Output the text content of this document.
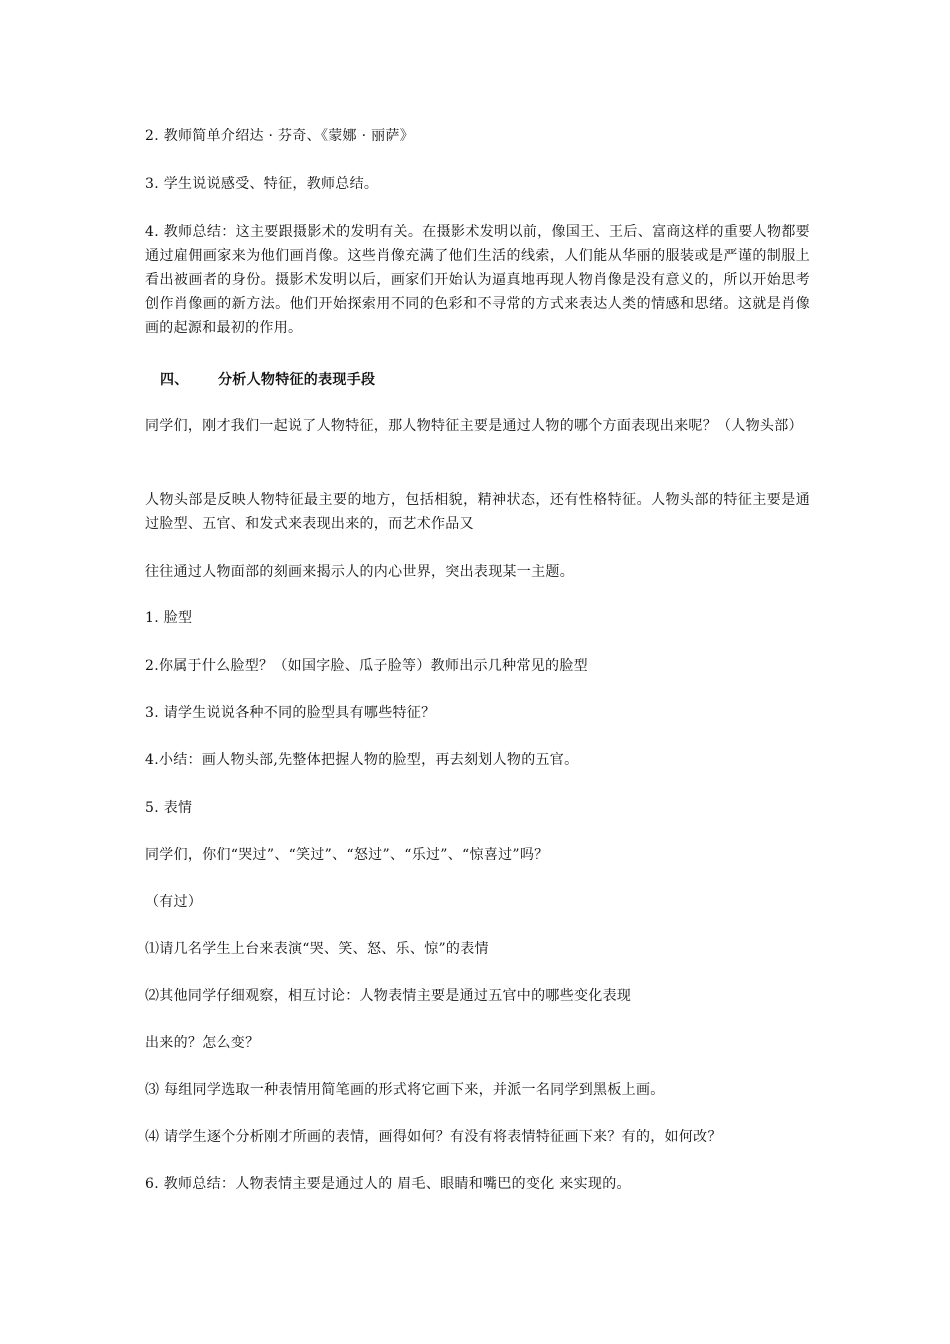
2. 教师简单介绍达 · 芬奇、《蒙娜 · 丽萨》

3. 学生说说感受、特征，教师总结。

4. 教师总结：这主要跟摄影术的发明有关。在摄影术发明以前，像国王、王后、富商这样的重要人物都要通过雇佣画家来为他们画肖像。这些肖像充满了他们生活的线索，人们能从华丽的服装或是严谨的制服上看出被画者的身份。摄影术发明以后，画家们开始认为逼真地再现人物肖像是没有意义的，所以开始思考创作肖像画的新方法。他们开始探索用不同的色彩和不寻常的方式来表达人类的情感和思绪。这就是肖像画的起源和最初的作用。

四、 分析人物特征的表现手段

同学们，刚才我们一起说了人物特征，那人物特征主要是通过人物的哪个方面表现出来呢？（人物头部）

人物头部是反映人物特征最主要的地方，包括相貌，精神状态，还有性格特征。人物头部的特征主要是通过脸型、五官、和发式来表现出来的，而艺术作品又

往往通过人物面部的刻画来揭示人的内心世界，突出表现某一主题。

1. 脸型

2.你属于什么脸型？（如国字脸、瓜子脸等）教师出示几种常见的脸型

3. 请学生说说各种不同的脸型具有哪些特征？

4.小结：画人物头部,先整体把握人物的脸型，再去刻划人物的五官。

5. 表情

同学们，你们“哭过”、“笑过”、“怒过”、“乐过”、“惊喜过”吗？

（有过）

⑴请几名学生上台来表演“哭、笑、怒、乐、惊”的表情

⑵其他同学仔细观察，相互讨论：人物表情主要是通过五官中的哪些变化表现

出来的？怎么变？

⑶ 每组同学选取一种表情用简笔画的形式将它画下来，并派一名同学到黑板上画。

⑷ 请学生逐个分析刚才所画的表情，画得如何？有没有将表情特征画下来？有的，如何改？

6. 教师总结：人物表情主要是通过人的 眉毛、眼睛和嘴巴的变化 来实现的。
